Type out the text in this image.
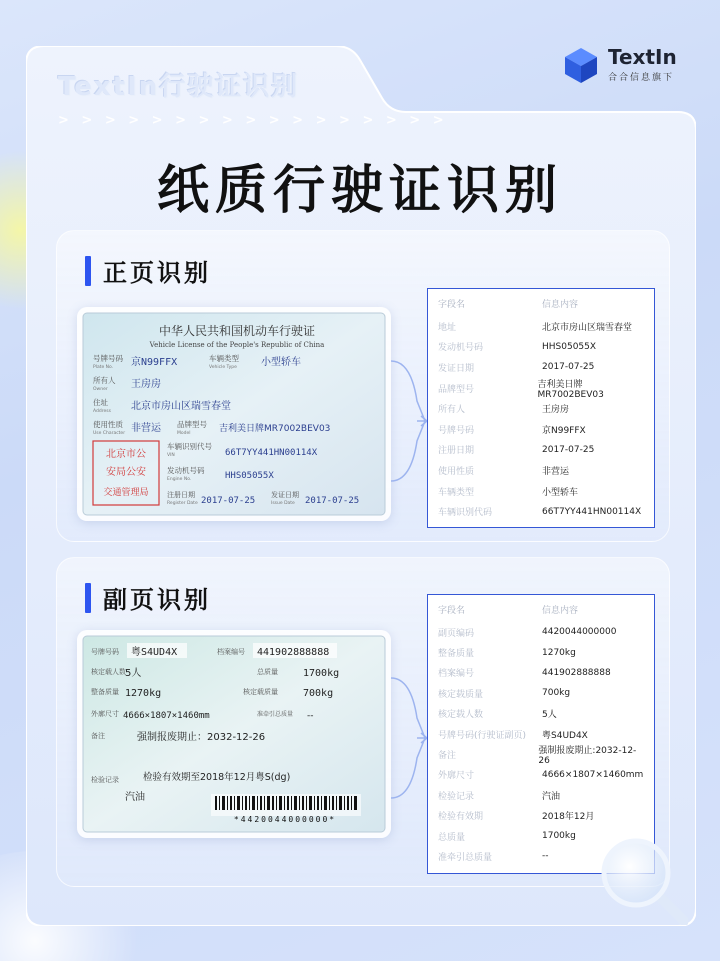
TextIn行驶证识别
> > > > > > > > > > > > > > > > >
TextIn
合合信息旗下
纸质行驶证识别
正页识别
中华人民共和国机动车行驶证
Vehicle License of the People's Republic of China
号牌号码
Plate No. 京N99FFX	车辆类型
Vehicle Type 小型轿车
所有人
Owner 王房房
住址
Address 北京市房山区瑞雪春堂
使用性质
Use Character 非营运 品牌型号
Model	吉利美日牌MR7002BEV03
北京市公
安局公安
交通管理局
车辆识别代号
VIN	66T7YY441HN00114X
发动机号码
Engine No.	HHS05055X
注册日期
Register Date 2017-07-25
发证日期
Issue Date 2017-07-25
字段名	信息内容
地址	北京市房山区瑞雪春堂
发动机号码	HHS05055X
发证日期	2017-07-25
品牌型号	吉利美日牌MR7002BEV03
所有人	王房房
号牌号码	京N99FFX
注册日期	2017-07-25
使用性质	非营运
车辆类型	小型轿车
车辆识别代码	66T7YY441HN00114X
副页识别
号牌号码 粤S4UD4X	档案编号 441902888888
核定载人数 5人	总质量	1700kg
整备质量 1270kg	核定载质量	700kg
外廓尺寸 4666×1807×1460mm	准牵引总质量 --
备注	强制报废期止：2032-12-26
检验记录	检验有效期至2018年12月粤S(dg)
汽油
*4420044000000*
字段名	信息内容
副页编码	4420044000000
整备质量	1270kg
档案编号	441902888888
核定载质量	700kg
核定载人数	5人
号牌号码(行驶证副页)	粤S4UD4X
备注	强制报废期止:2032-12-26
外廓尺寸	4666×1807×1460mm
检验记录	汽油
检验有效期	2018年12月
总质量	1700kg
准牵引总质量	--
